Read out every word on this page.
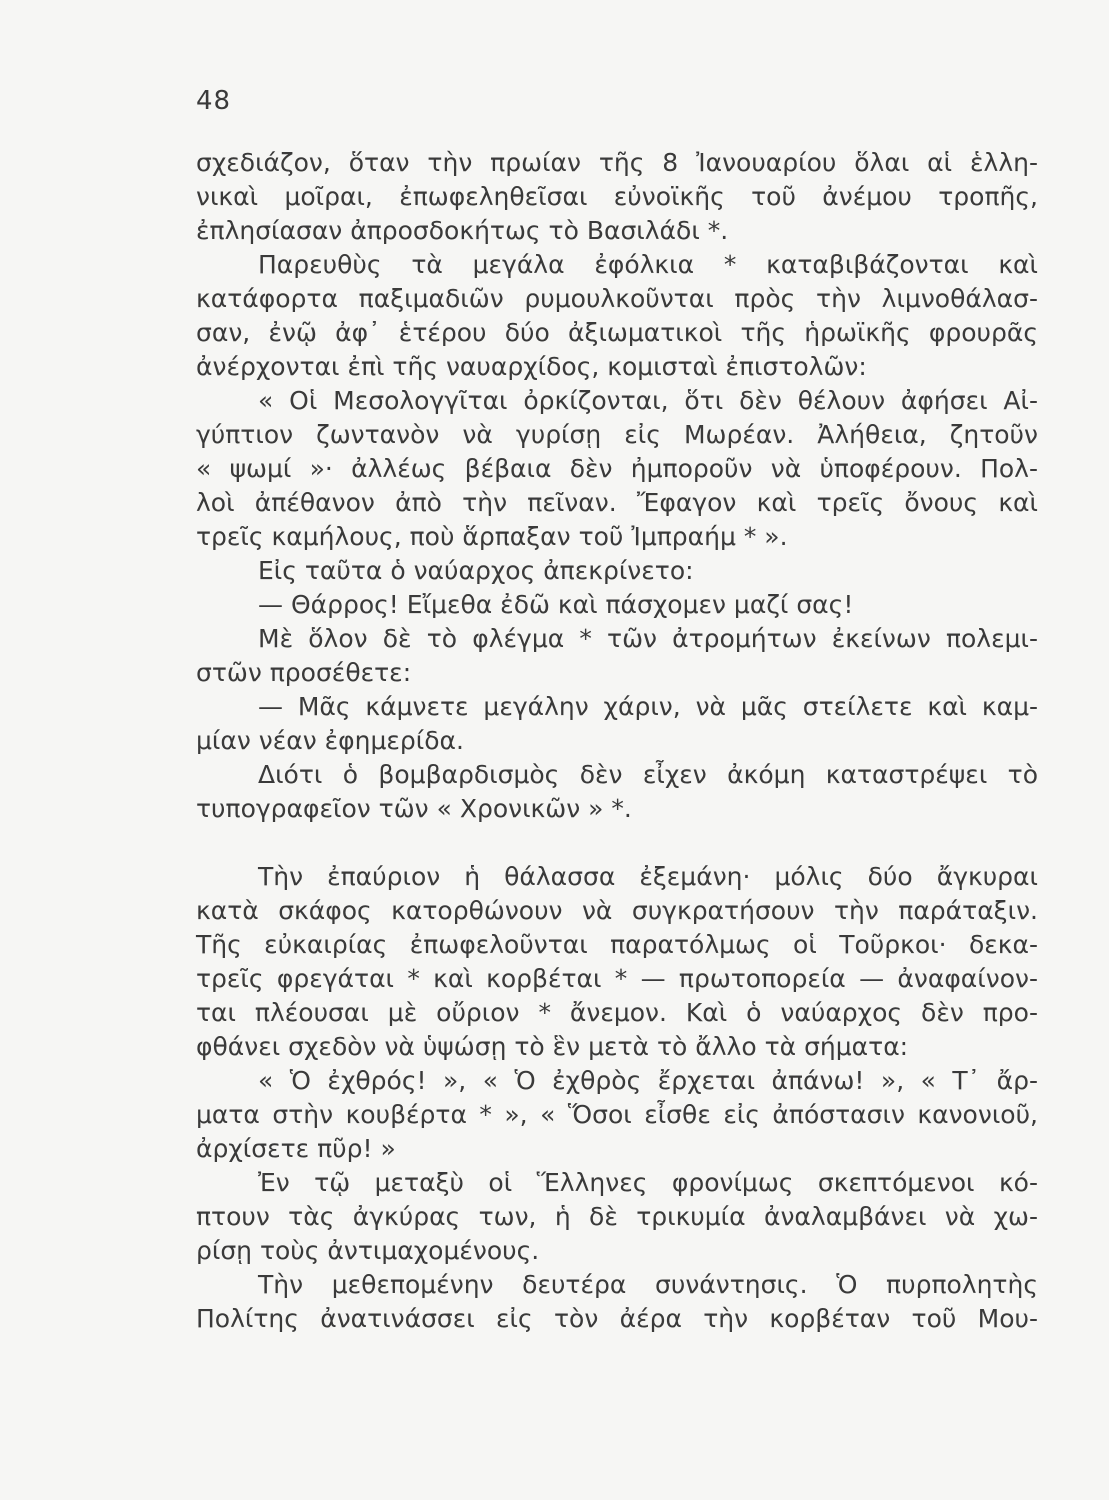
48
σχεδιάζον, ὅταν τὴν πρωίαν τῆς 8 Ἰανουαρίου ὅλαι αἱ ἑλλη-
νικαὶ μοῖραι, ἐπωφεληθεῖσαι εὐνοϊκῆς τοῦ ἀνέμου τροπῆς,
ἐπλησίασαν ἀπροσδοκήτως τὸ Βασιλάδι *.
Παρευθὺς τὰ μεγάλα ἐφόλκια * καταβιβάζονται καὶ
κατάφορτα παξιμαδιῶν ρυμουλκοῦνται πρὸς τὴν λιμνοθάλασ-
σαν, ἐνῷ ἀφ᾽ ἑτέρου δύο ἀξιωματικοὶ τῆς ἡρωϊκῆς φρουρᾶς
ἀνέρχονται ἐπὶ τῆς ναυαρχίδος, κομισταὶ ἐπιστολῶν:
« Οἱ Μεσολογγῖται ὀρκίζονται, ὅτι δὲν θέλουν ἀφήσει Αἰ-
γύπτιον ζωντανὸν νὰ γυρίσῃ εἰς Μωρέαν. Ἀλήθεια, ζητοῦν
« ψωμί »· ἀλλέως βέβαια δὲν ἠμποροῦν νὰ ὑποφέρουν. Πολ-
λοὶ ἀπέθανον ἀπὸ τὴν πεῖναν. Ἔφαγον καὶ τρεῖς ὄνους καὶ
τρεῖς καμήλους, ποὺ ἅρπαξαν τοῦ Ἰμπραήμ * ».
Εἰς ταῦτα ὁ ναύαρχος ἀπεκρίνετο:
— Θάρρος! Εἴμεθα ἐδῶ καὶ πάσχομεν μαζί σας!
Μὲ ὅλον δὲ τὸ φλέγμα * τῶν ἀτρομήτων ἐκείνων πολεμι-
στῶν προσέθετε:
— Μᾶς κάμνετε μεγάλην χάριν, νὰ μᾶς στείλετε καὶ καμ-
μίαν νέαν ἐφημερίδα.
Διότι ὁ βομβαρδισμὸς δὲν εἶχεν ἀκόμη καταστρέψει τὸ
τυπογραφεῖον τῶν « Χρονικῶν » *.
Τὴν ἐπαύριον ἡ θάλασσα ἐξεμάνη· μόλις δύο ἄγκυραι
κατὰ σκάφος κατορθώνουν νὰ συγκρατήσουν τὴν παράταξιν.
Τῆς εὐκαιρίας ἐπωφελοῦνται παρατόλμως οἱ Τοῦρκοι· δεκα-
τρεῖς φρεγάται * καὶ κορβέται * — πρωτοπορεία — ἀναφαίνον-
ται πλέουσαι μὲ οὔριον * ἄνεμον. Καὶ ὁ ναύαρχος δὲν προ-
φθάνει σχεδὸν νὰ ὑψώσῃ τὸ ἓν μετὰ τὸ ἄλλο τὰ σήματα:
« Ὁ ἐχθρός! », « Ὁ ἐχθρὸς ἔρχεται ἀπάνω! », « Τ᾽ ἄρ-
ματα στὴν κουβέρτα * », « Ὅσοι εἶσθε εἰς ἀπόστασιν κανονιοῦ,
ἀρχίσετε πῦρ! »
Ἐν τῷ μεταξὺ οἱ Ἕλληνες φρονίμως σκεπτόμενοι κό-
πτουν τὰς ἀγκύρας των, ἡ δὲ τρικυμία ἀναλαμβάνει νὰ χω-
ρίσῃ τοὺς ἀντιμαχομένους.
Τὴν μεθεπομένην δευτέρα συνάντησις. Ὁ πυρπολητὴς
Πολίτης ἀνατινάσσει εἰς τὸν ἀέρα τὴν κορβέταν τοῦ Μου-
